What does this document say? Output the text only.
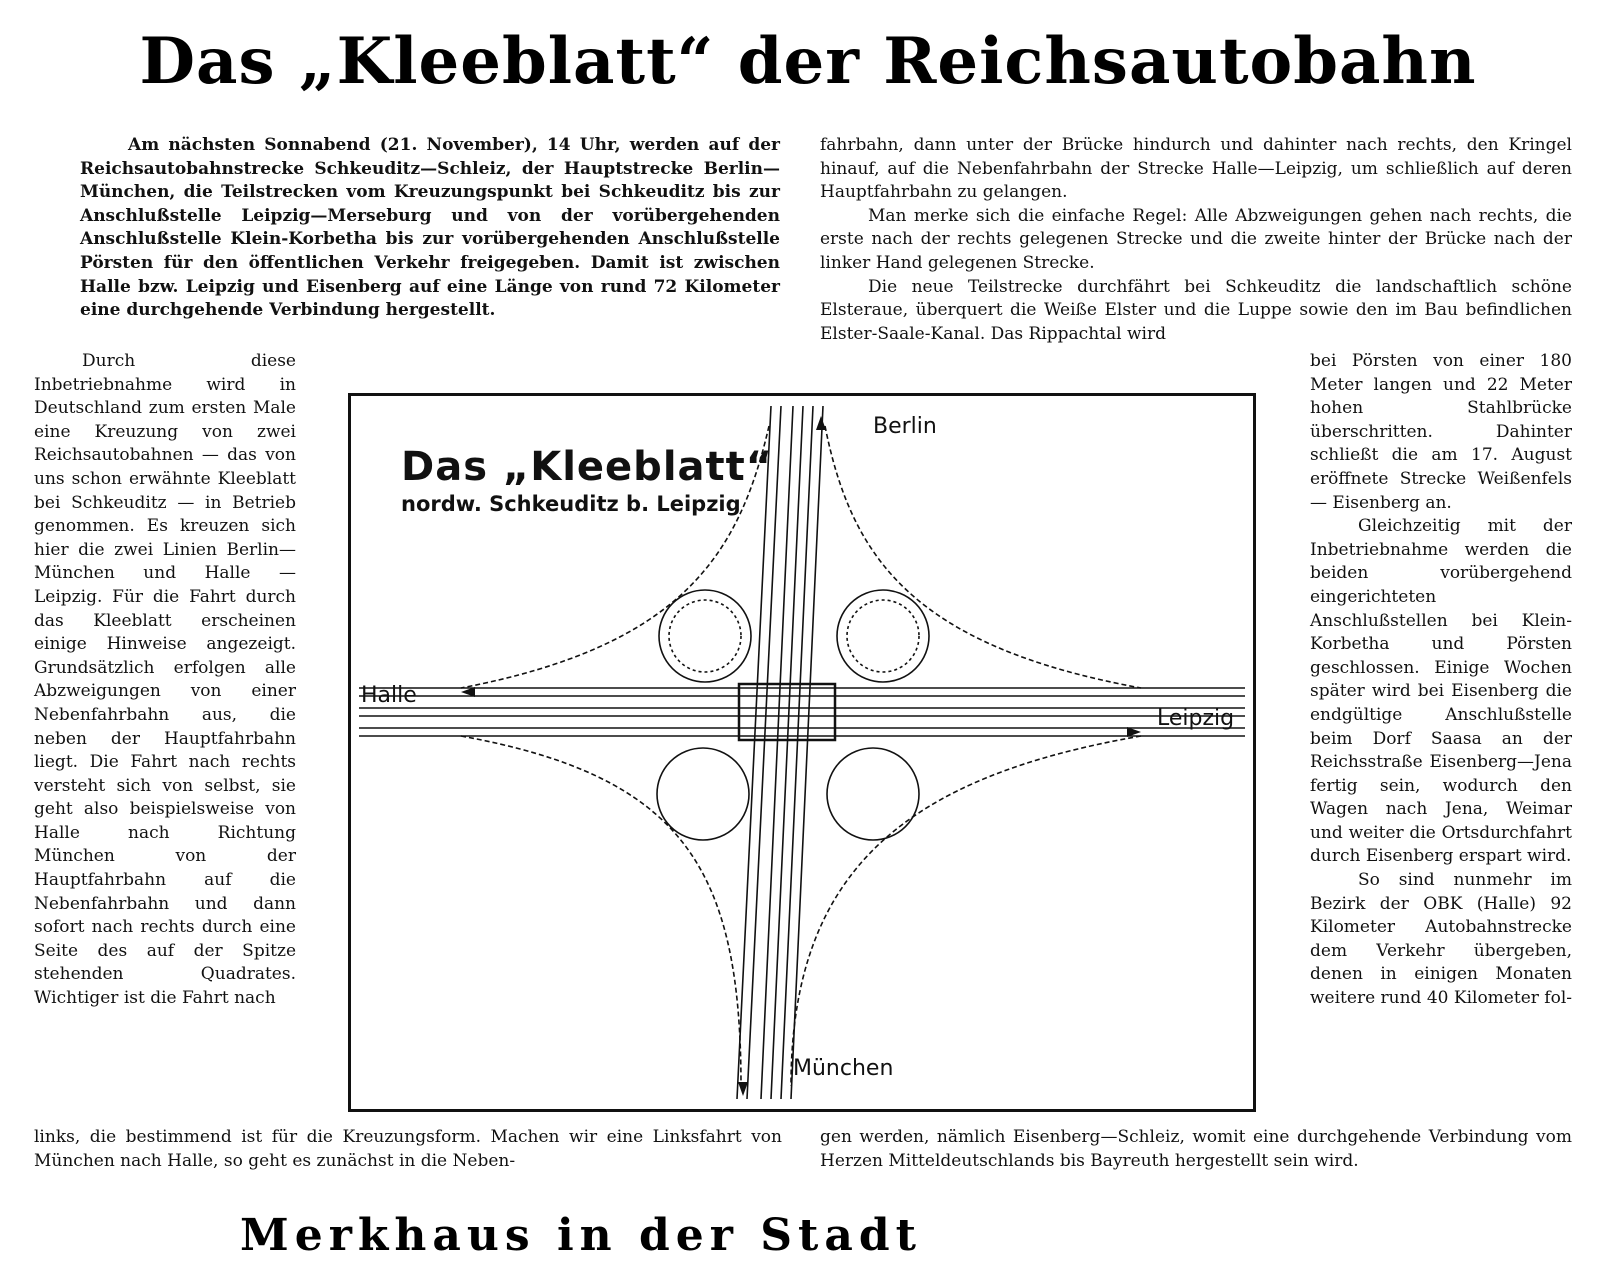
Das „Kleeblatt“ der Reichsautobahn

Am nächsten Sonnabend (21. November), 14 Uhr, werden auf der Reichsautobahnstrecke Schkeuditz—Schleiz, der Hauptstrecke Berlin—München, die Teilstrecken vom Kreuzungspunkt bei Schkeuditz bis zur Anschlußstelle Leipzig—Merseburg und von der vorübergehenden Anschlußstelle Klein-Korbetha bis zur vorübergehenden Anschlußstelle Pörsten für den öffentlichen Verkehr freigegeben. Damit ist zwischen Halle bzw. Leipzig und Eisenberg auf eine Länge von rund 72 Kilometer eine durchgehende Verbindung hergestellt.

Durch diese Inbetriebnahme wird in Deutschland zum ersten Male eine Kreuzung von zwei Reichsautobahnen — das von uns schon erwähnte Kleeblatt bei Schkeuditz — in Betrieb genommen. Es kreuzen sich hier die zwei Linien Berlin—München und Halle — Leipzig. Für die Fahrt durch das Kleeblatt erscheinen einige Hinweise angezeigt. Grundsätzlich erfolgen alle Abzweigungen von einer Nebenfahrbahn aus, die neben der Hauptfahrbahn liegt. Die Fahrt nach rechts versteht sich von selbst, sie geht also beispielsweise von Halle nach Richtung München von der Hauptfahrbahn auf die Nebenfahrbahn und dann sofort nach rechts durch eine Seite des auf der Spitze stehenden Quadrates. Wichtiger ist die Fahrt nach

links, die bestimmend ist für die Kreuzungsform. Machen wir eine Linksfahrt von München nach Halle, so geht es zunächst in die Neben-

fahrbahn, dann unter der Brücke hindurch und dahinter nach rechts, den Kringel hinauf, auf die Nebenfahrbahn der Strecke Halle—Leipzig, um schließlich auf deren Hauptfahrbahn zu gelangen.

Man merke sich die einfache Regel: Alle Abzweigungen gehen nach rechts, die erste nach der rechts gelegenen Strecke und die zweite hinter der Brücke nach der linker Hand gelegenen Strecke.

Die neue Teilstrecke durchfährt bei Schkeuditz die landschaftlich schöne Elsteraue, überquert die Weiße Elster und die Luppe sowie den im Bau befindlichen Elster-Saale-Kanal. Das Rippachtal wird

bei Pörsten von einer 180 Meter langen und 22 Meter hohen Stahlbrücke überschritten. Dahinter schließt die am 17. August eröffnete Strecke Weißenfels — Eisenberg an.

Gleichzeitig mit der Inbetriebnahme werden die beiden vorübergehend eingerichteten Anschlußstellen bei Klein-Korbetha und Pörsten geschlossen. Einige Wochen später wird bei Eisenberg die endgültige Anschlußstelle beim Dorf Saasa an der Reichsstraße Eisenberg—Jena fertig sein, wodurch den Wagen nach Jena, Weimar und weiter die Ortsdurchfahrt durch Eisenberg erspart wird.

So sind nunmehr im Bezirk der OBK (Halle) 92 Kilometer Autobahnstrecke dem Verkehr übergeben, denen in einigen Monaten weitere rund 40 Kilometer fol-

gen werden, nämlich Eisenberg—Schleiz, womit eine durchgehende Verbindung vom Herzen Mitteldeutschlands bis Bayreuth hergestellt sein wird.

Das „Kleeblatt“
nordw. Schkeuditz b. Leipzig
Berlin
Halle
Leipzig
München
Merkhaus in der Stadt
